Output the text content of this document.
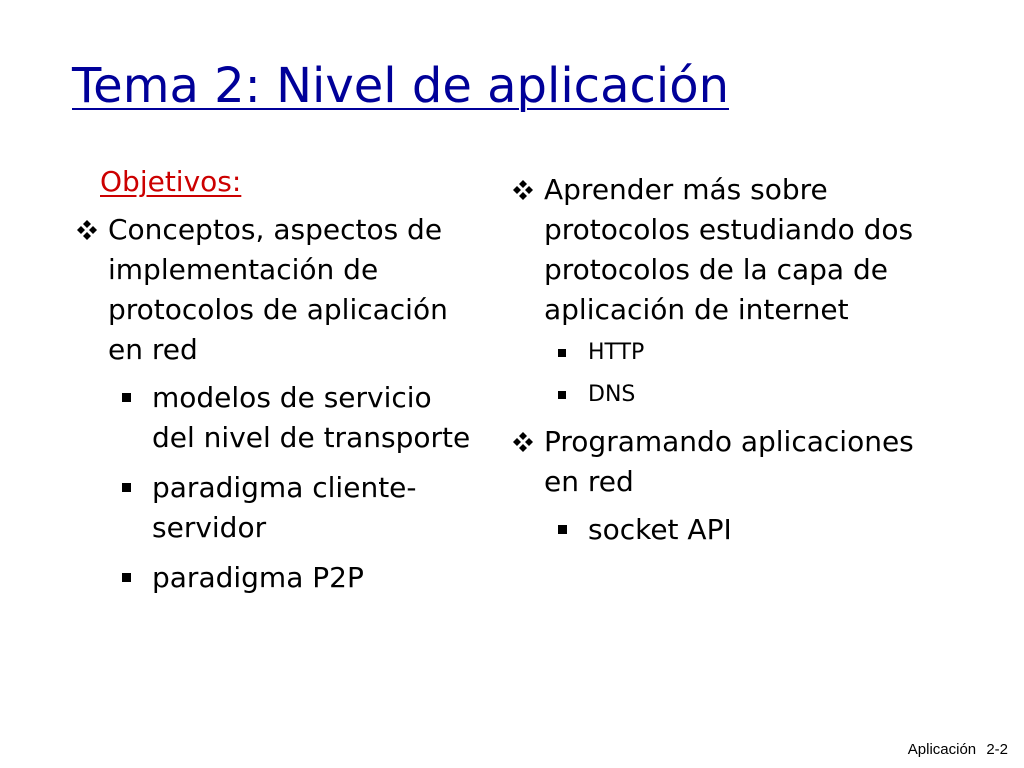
Tema 2: Nivel de aplicación
Objetivos:
Conceptos, aspectos de implementación de protocolos de aplicación en red
modelos de servicio del nivel de transporte
paradigma cliente-servidor
paradigma P2P
Aprender más sobre protocolos estudiando dos protocolos de la capa de aplicación de internet
HTTP
DNS
Programando aplicaciones en red
socket API
Aplicación 2-2
